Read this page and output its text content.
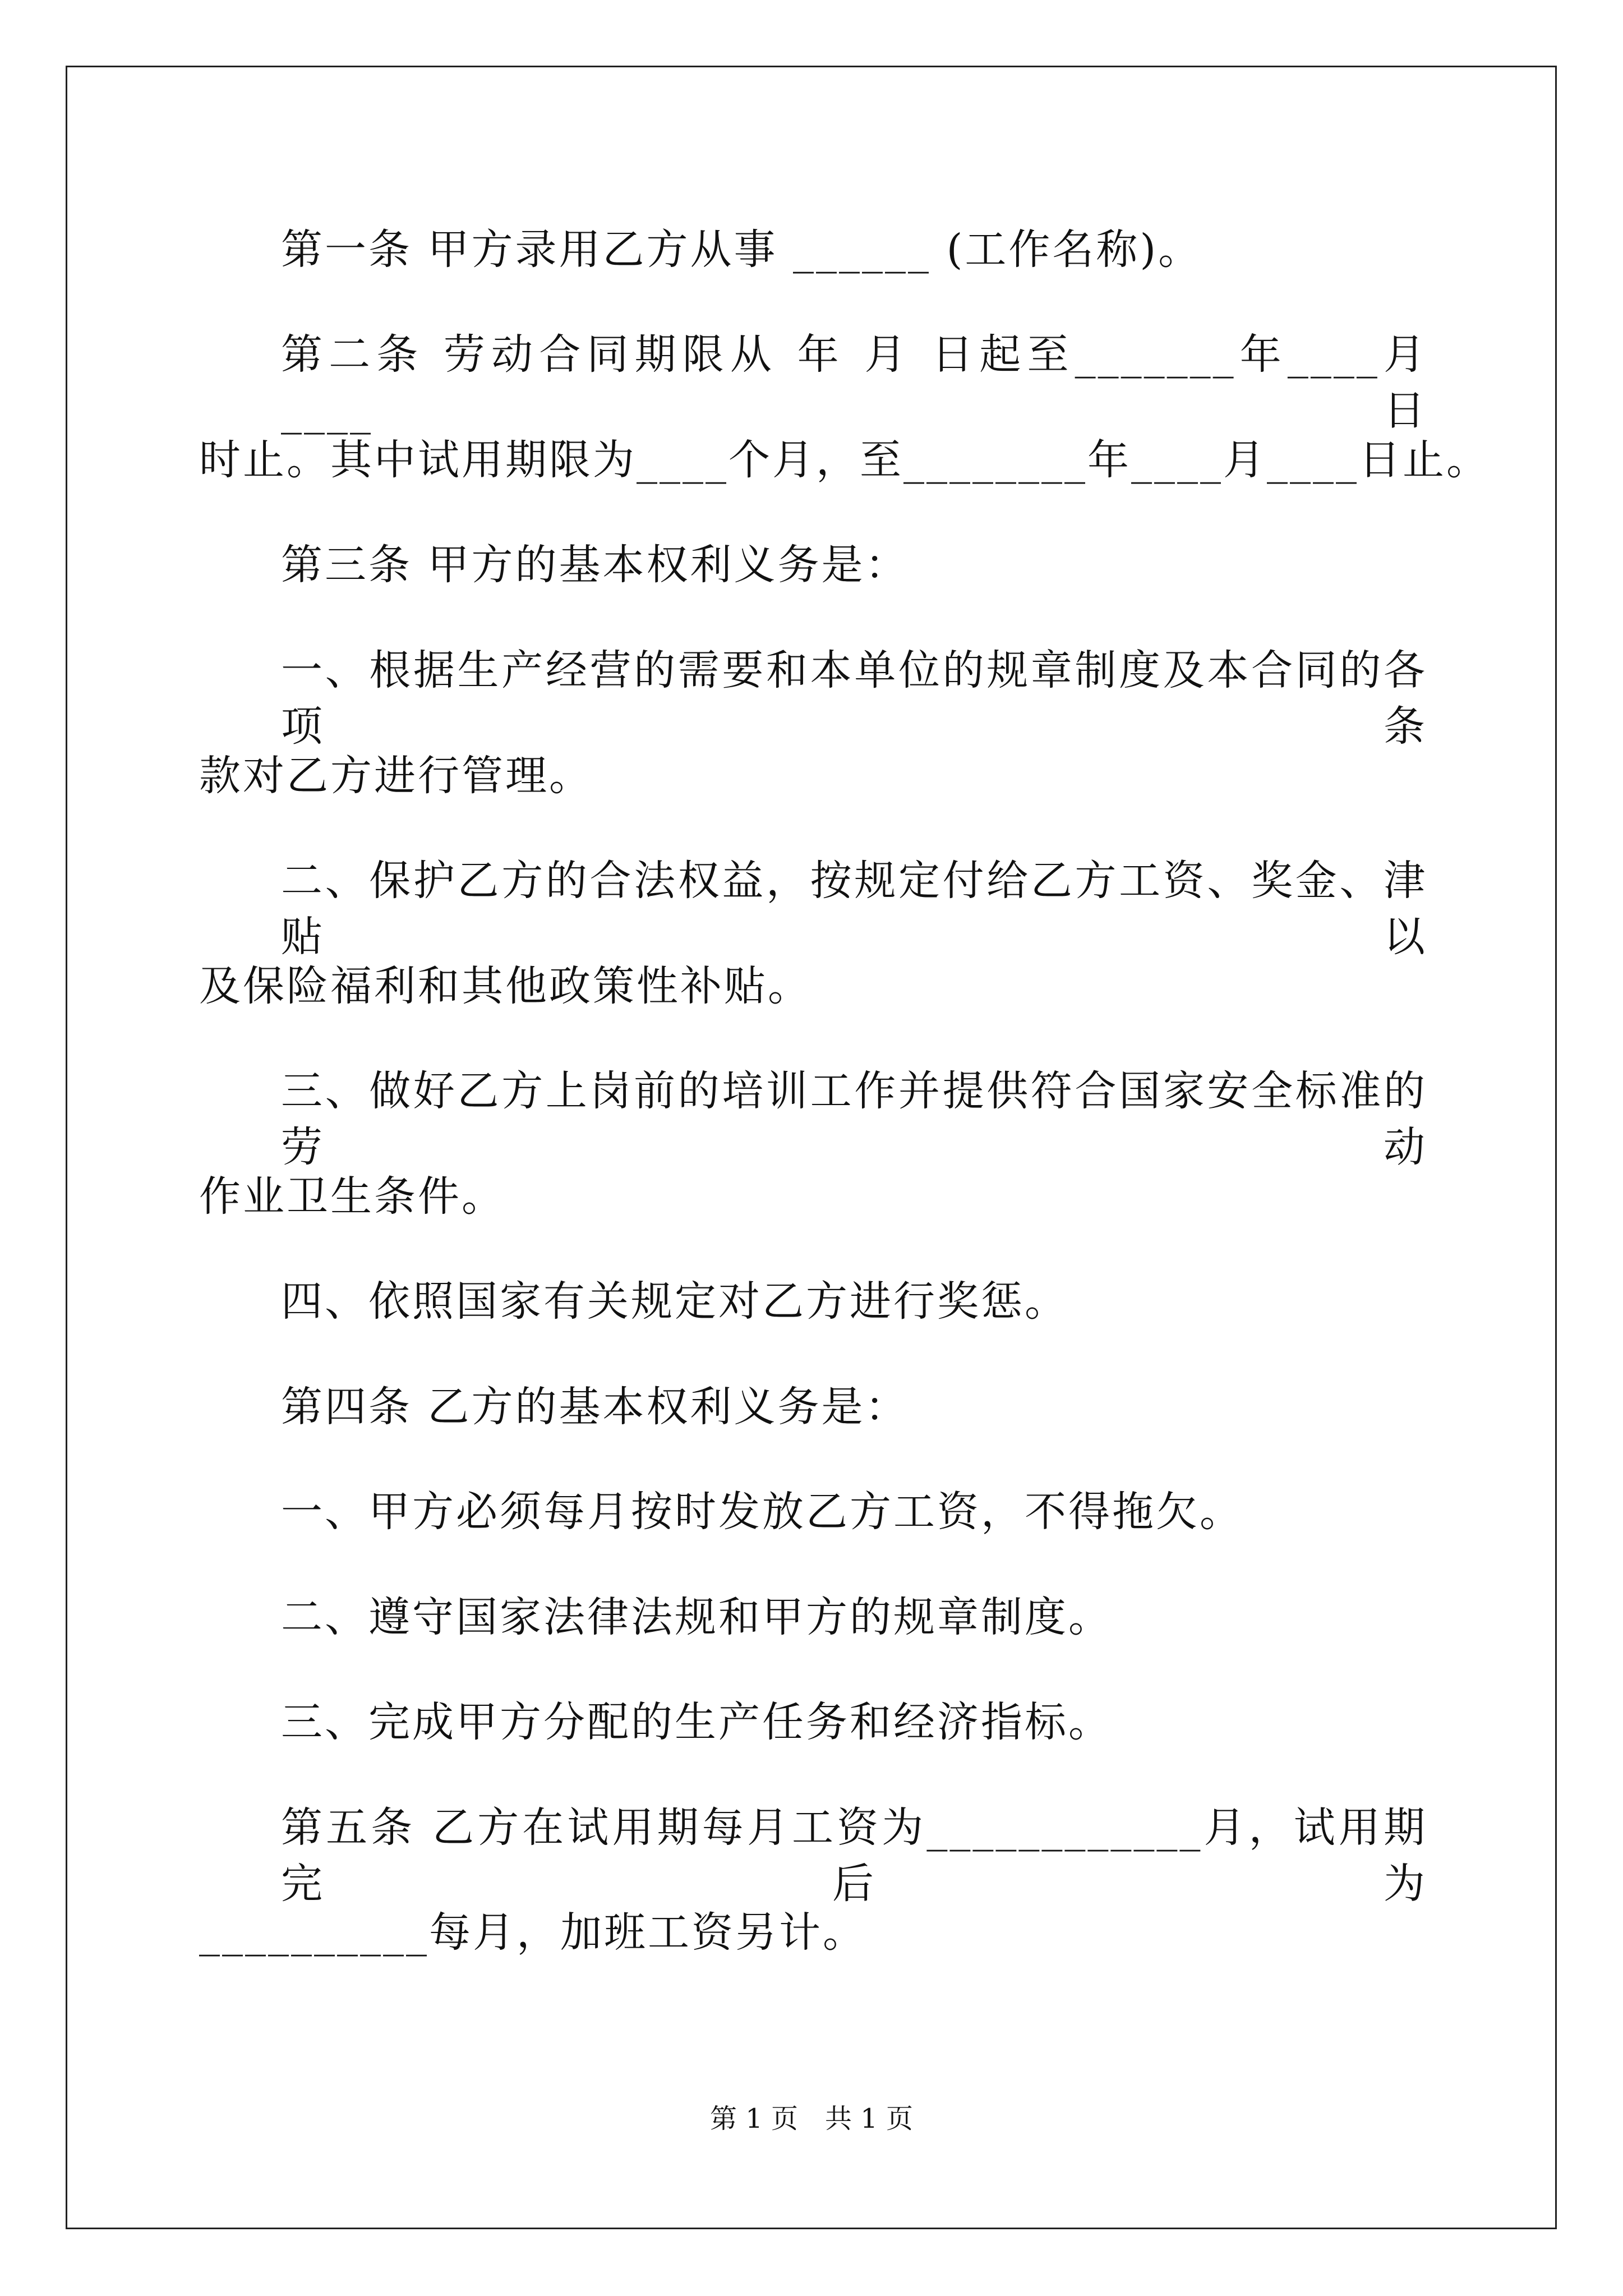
第一条 甲方录用乙方从事 ______ (工作名称)。
第二条 劳动合同期限从 年 月 日起至_______年____月____日
时止。其中试用期限为____个月，至________年____月____日止。
第三条 甲方的基本权利义务是：
一、根据生产经营的需要和本单位的规章制度及本合同的各项条
款对乙方进行管理。
二、保护乙方的合法权益，按规定付给乙方工资、奖金、津贴以
及保险福利和其他政策性补贴。
三、做好乙方上岗前的培训工作并提供符合国家安全标准的劳动
作业卫生条件。
四、依照国家有关规定对乙方进行奖惩。
第四条 乙方的基本权利义务是：
一、甲方必须每月按时发放乙方工资，不得拖欠。
二、遵守国家法律法规和甲方的规章制度。
三、完成甲方分配的生产任务和经济指标。
第五条 乙方在试用期每月工资为____________月，试用期完后为
__________每月，加班工资另计。
第 1 页　共 1 页
